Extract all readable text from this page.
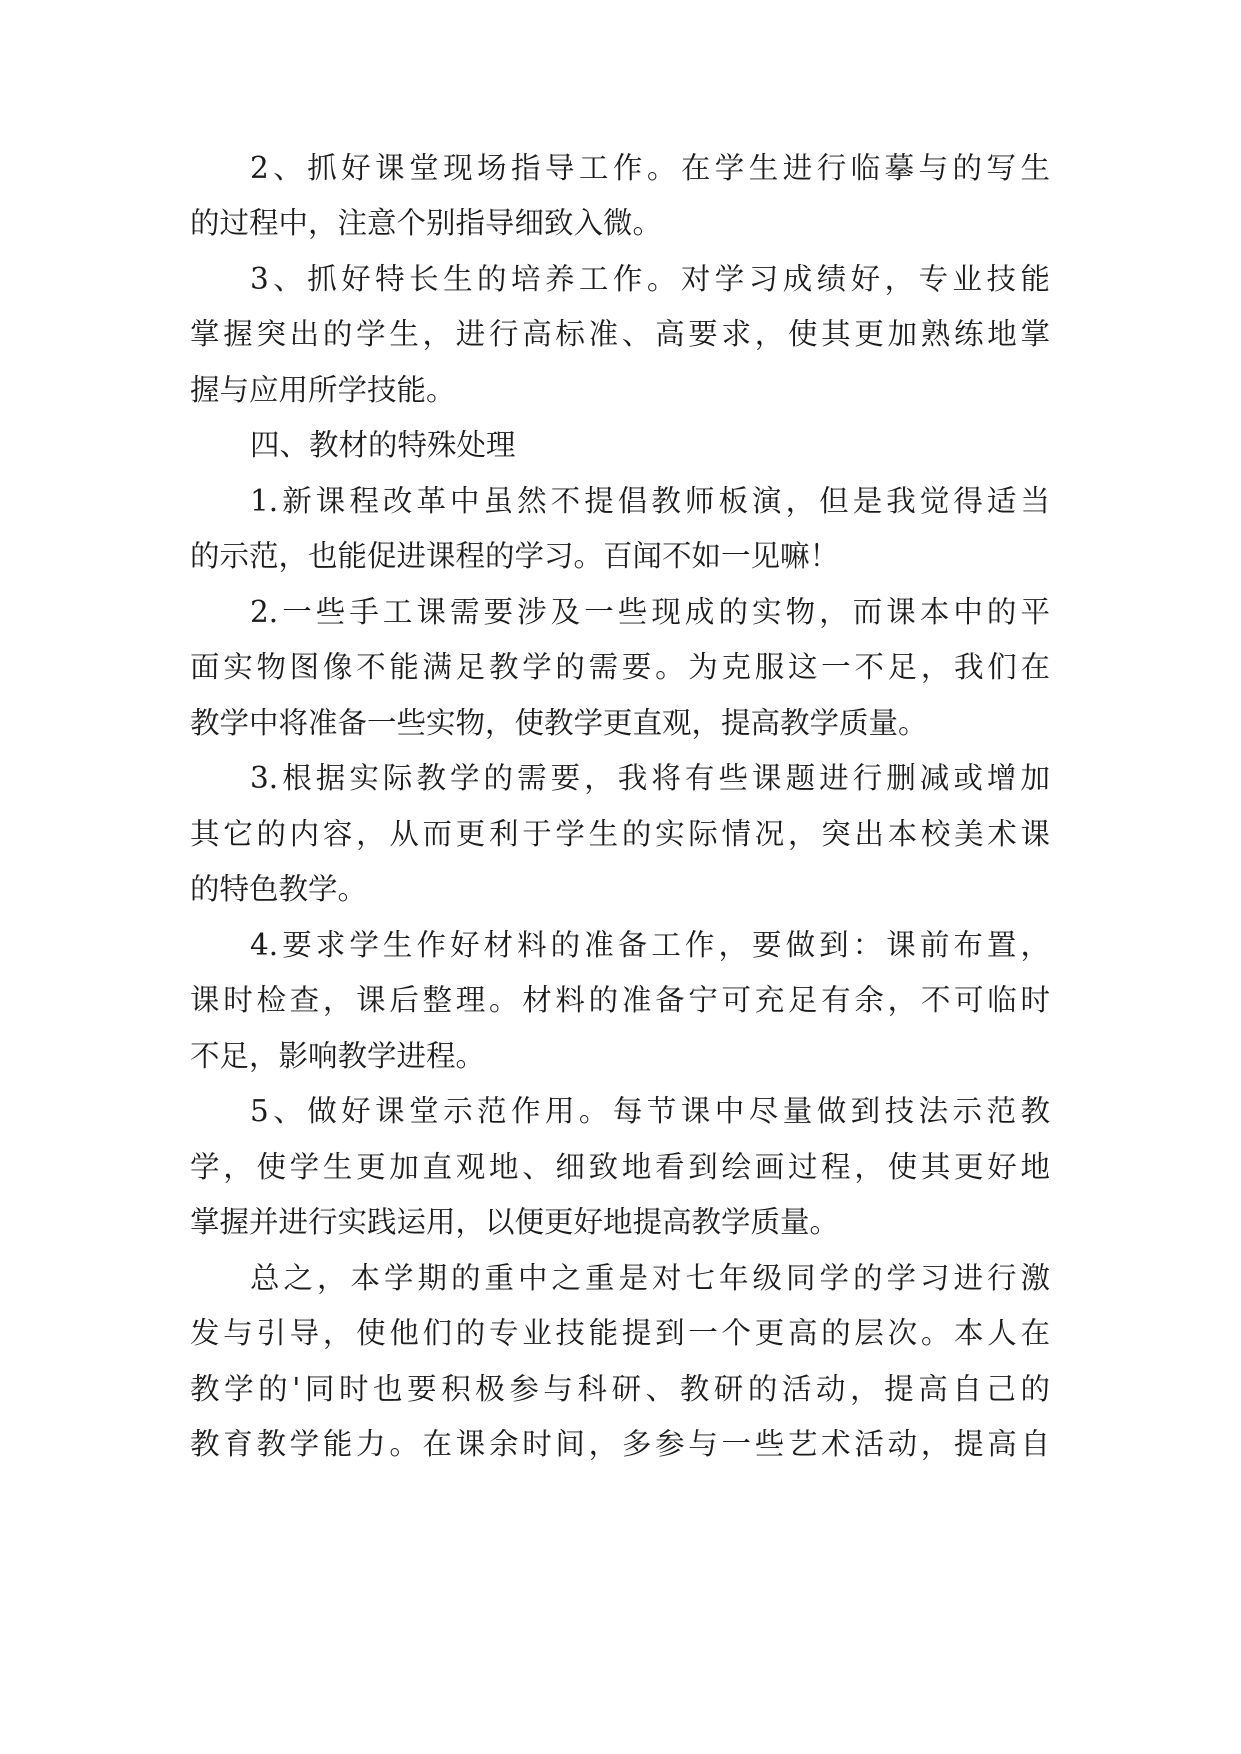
2、抓好课堂现场指导工作。在学生进行临摹与的写生

的过程中，注意个别指导细致入微。

3、抓好特长生的培养工作。对学习成绩好，专业技能

掌握突出的学生，进行高标准、高要求，使其更加熟练地掌

握与应用所学技能。

四、教材的特殊处理

1.新课程改革中虽然不提倡教师板演，但是我觉得适当

的示范，也能促进课程的学习。百闻不如一见嘛！

2.一些手工课需要涉及一些现成的实物，而课本中的平

面实物图像不能满足教学的需要。为克服这一不足，我们在

教学中将准备一些实物，使教学更直观，提高教学质量。

3.根据实际教学的需要，我将有些课题进行删减或增加

其它的内容，从而更利于学生的实际情况，突出本校美术课

的特色教学。

4.要求学生作好材料的准备工作，要做到：课前布置，

课时检查，课后整理。材料的准备宁可充足有余，不可临时

不足，影响教学进程。

5、做好课堂示范作用。每节课中尽量做到技法示范教

学，使学生更加直观地、细致地看到绘画过程，使其更好地

掌握并进行实践运用，以便更好地提高教学质量。

总之，本学期的重中之重是对七年级同学的学习进行激

发与引导，使他们的专业技能提到一个更高的层次。本人在

教学的'同时也要积极参与科研、教研的活动，提高自己的

教育教学能力。在课余时间，多参与一些艺术活动，提高自
